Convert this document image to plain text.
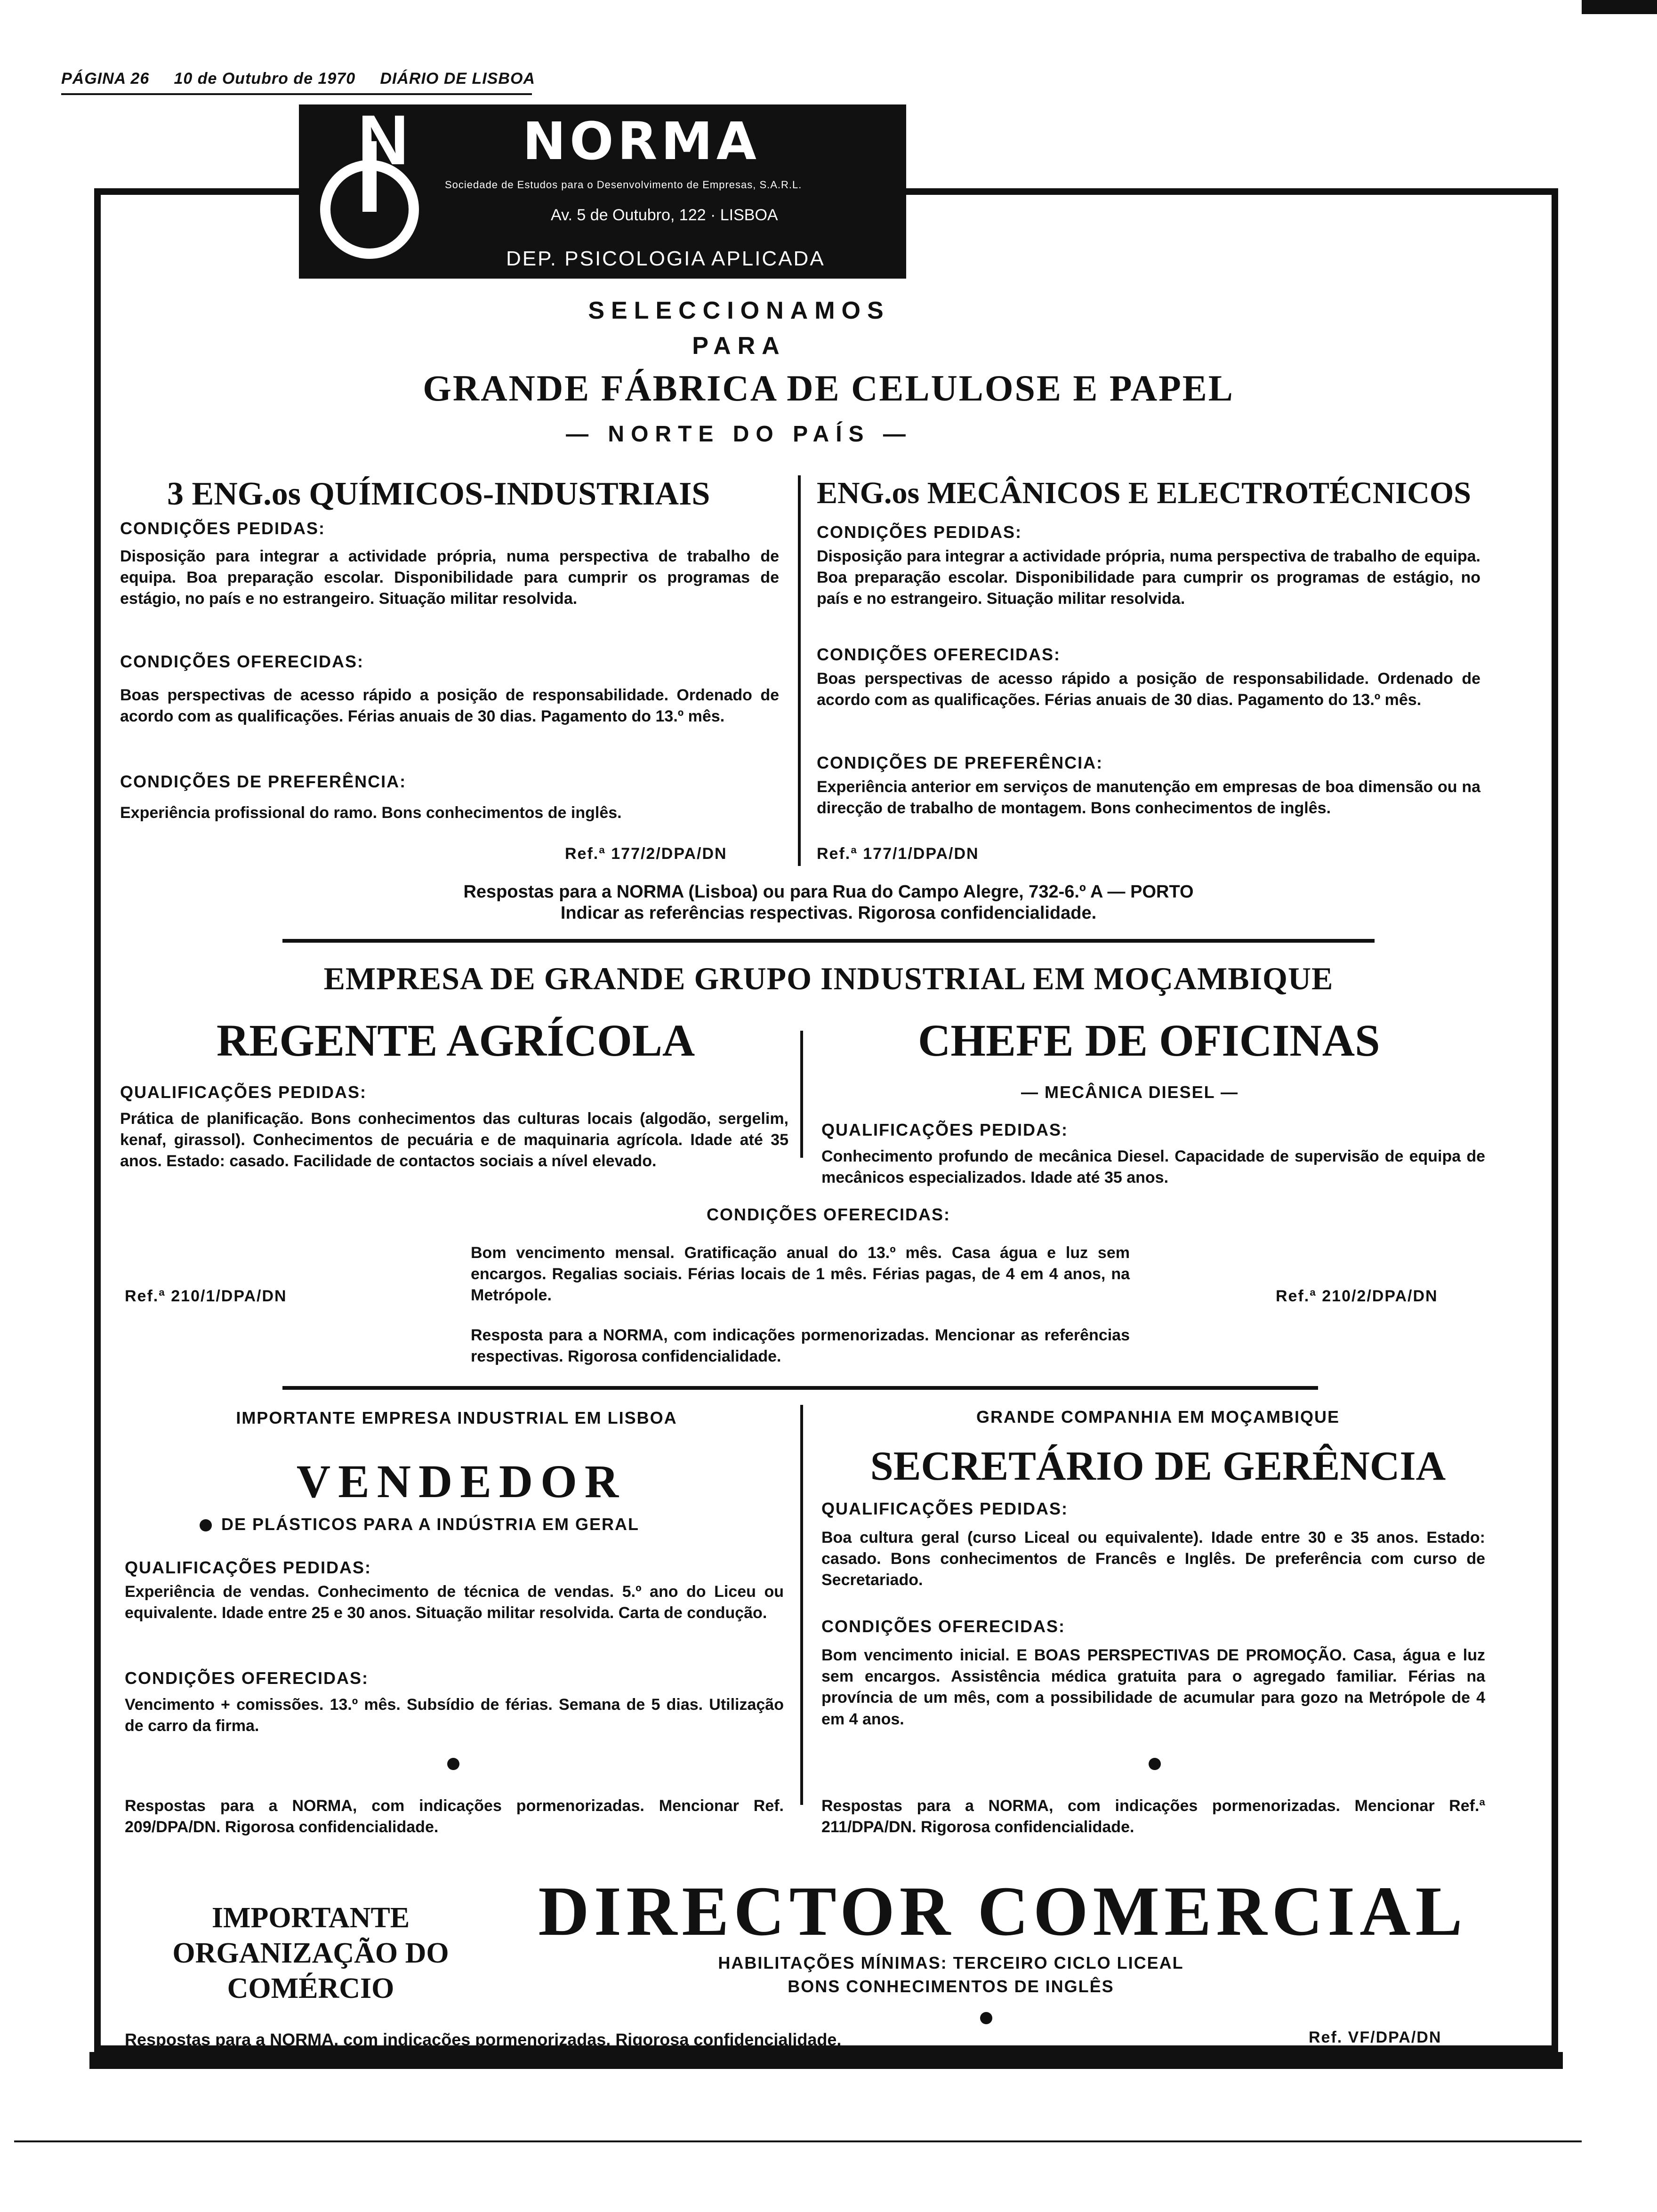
PÁGINA 26 10 de Outubro de 1970 DIÁRIO DE LISBOA
N NORMA
Sociedade de Estudos para o Desenvolvimento de Empresas, S.A.R.L.
Av. 5 de Outubro, 122 · LISBOA
DEP. PSICOLOGIA APLICADA
SELECCIONAMOS
PARA
GRANDE FÁBRICA DE CELULOSE E PAPEL
— NORTE DO PAÍS —
3 ENG.os QUÍMICOS-INDUSTRIAIS
CONDIÇÕES PEDIDAS:
Disposição para integrar a actividade própria, numa perspectiva de trabalho de equipa. Boa preparação escolar. Disponibilidade para cumprir os programas de estágio, no país e no estrangeiro. Situação militar resolvida.
CONDIÇÕES OFERECIDAS:
Boas perspectivas de acesso rápido a posição de responsabilidade. Ordenado de acordo com as qualificações. Férias anuais de 30 dias. Pagamento do 13.º mês.
CONDIÇÕES DE PREFERÊNCIA:
Experiência profissional do ramo. Bons conhecimentos de inglês.
Ref.ª 177/2/DPA/DN
ENG.os MECÂNICOS E ELECTROTÉCNICOS
CONDIÇÕES PEDIDAS:
Disposição para integrar a actividade própria, numa perspectiva de trabalho de equipa. Boa preparação escolar. Disponibilidade para cumprir os programas de estágio, no país e no estrangeiro. Situação militar resolvida.
CONDIÇÕES OFERECIDAS:
Boas perspectivas de acesso rápido a posição de responsabilidade. Ordenado de acordo com as qualificações. Férias anuais de 30 dias. Pagamento do 13.º mês.
CONDIÇÕES DE PREFERÊNCIA:
Experiência anterior em serviços de manutenção em empresas de boa dimensão ou na direcção de trabalho de montagem. Bons conhecimentos de inglês.
Ref.ª 177/1/DPA/DN
Respostas para a NORMA (Lisboa) ou para Rua do Campo Alegre, 732-6.º A — PORTO
Indicar as referências respectivas. Rigorosa confidencialidade.
EMPRESA DE GRANDE GRUPO INDUSTRIAL EM MOÇAMBIQUE
REGENTE AGRÍCOLA
QUALIFICAÇÕES PEDIDAS:
Prática de planificação. Bons conhecimentos das culturas locais (algodão, sergelim, kenaf, girassol). Conhecimentos de pecuária e de maquinaria agrícola. Idade até 35 anos. Estado: casado. Facilidade de contactos sociais a nível elevado.
CHEFE DE OFICINAS
— MECÂNICA DIESEL —
QUALIFICAÇÕES PEDIDAS:
Conhecimento profundo de mecânica Diesel. Capacidade de supervisão de equipa de mecânicos especializados. Idade até 35 anos.
CONDIÇÕES OFERECIDAS:
Bom vencimento mensal. Gratificação anual do 13.º mês. Casa água e luz sem encargos. Regalias sociais. Férias locais de 1 mês. Férias pagas, de 4 em 4 anos, na Metrópole.
Ref.ª 210/1/DPA/DN	Ref.ª 210/2/DPA/DN
Resposta para a NORMA, com indicações pormenorizadas. Mencionar as referências respectivas. Rigorosa confidencialidade.
IMPORTANTE EMPRESA INDUSTRIAL EM LISBOA
VENDEDOR
DE PLÁSTICOS PARA A INDÚSTRIA EM GERAL
QUALIFICAÇÕES PEDIDAS:
Experiência de vendas. Conhecimento de técnica de vendas. 5.º ano do Liceu ou equivalente. Idade entre 25 e 30 anos. Situação militar resolvida. Carta de condução.
CONDIÇÕES OFERECIDAS:
Vencimento + comissões. 13.º mês. Subsídio de férias. Semana de 5 dias. Utilização de carro da firma.
Respostas para a NORMA, com indicações pormenorizadas. Mencionar Ref. 209/DPA/DN. Rigorosa confidencialidade.
GRANDE COMPANHIA EM MOÇAMBIQUE
SECRETÁRIO DE GERÊNCIA
QUALIFICAÇÕES PEDIDAS:
Boa cultura geral (curso Liceal ou equivalente). Idade entre 30 e 35 anos. Estado: casado. Bons conhecimentos de Francês e Inglês. De preferência com curso de Secretariado.
CONDIÇÕES OFERECIDAS:
Bom vencimento inicial. E BOAS PERSPECTIVAS DE PROMOÇÃO. Casa, água e luz sem encargos. Assistência médica gratuita para o agregado familiar. Férias na província de um mês, com a possibilidade de acumular para gozo na Metrópole de 4 em 4 anos.
Respostas para a NORMA, com indicações pormenorizadas. Mencionar Ref.ª 211/DPA/DN. Rigorosa confidencialidade.
IMPORTANTE
ORGANIZAÇÃO DO
COMÉRCIO
DIRECTOR COMERCIAL
HABILITAÇÕES MÍNIMAS: TERCEIRO CICLO LICEAL
BONS CONHECIMENTOS DE INGLÊS
Respostas para a NORMA, com indicações pormenorizadas. Rigorosa confidencialidade.	Ref. VF/DPA/DN
